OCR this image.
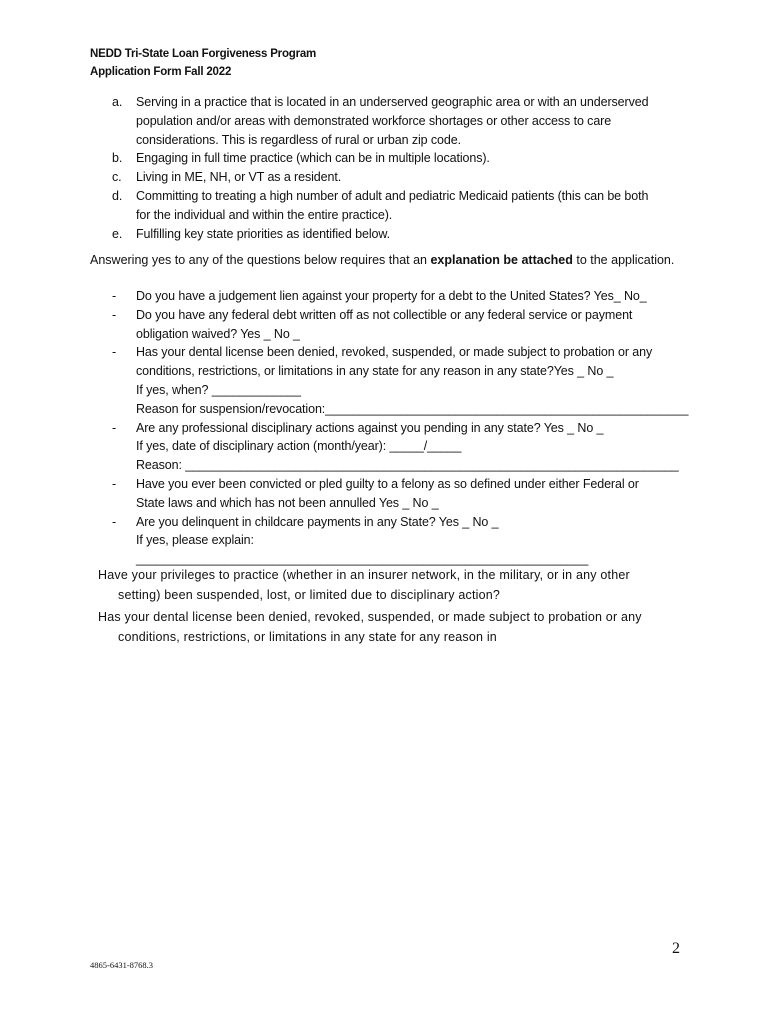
NEDD Tri-State Loan Forgiveness Program
Application Form Fall 2022
a.	Serving in a practice that is located in an underserved geographic area or with an underserved
population and/or areas with demonstrated workforce shortages or other access to care
considerations. This is regardless of rural or urban zip code.
b.	Engaging in full time practice (which can be in multiple locations).
c.	Living in ME, NH, or VT as a resident.
d.	Committing to treating a high number of adult and pediatric Medicaid patients (this can be both
for the individual and within the entire practice).
e.	Fulfilling key state priorities as identified below.
Answering yes to any of the questions below requires that an explanation be attached to the application.
-	Do you have a judgement lien against your property for a debt to the United States? Yes_ No_
-	Do you have any federal debt written off as not collectible or any federal service or payment
obligation waived? Yes _ No _
-	Has your dental license been denied, revoked, suspended, or made subject to probation or any
conditions, restrictions, or limitations in any state for any reason in any state?Yes _ No _
If yes, when? _____________
Reason for suspension/revocation:_____________________________________________________
-	Are any professional disciplinary actions against you pending in any state? Yes _ No _
If yes, date of disciplinary action (month/year): _____/_____
Reason: ________________________________________________________________________
-	Have you ever been convicted or pled guilty to a felony as so defined under either Federal or
State laws and which has not been annulled Yes _ No _
-	Are you delinquent in childcare payments in any State? Yes _ No _
If yes, please explain: __________________________________________________________________
Have your privileges to practice (whether in an insurer network, in the military, or in any other
setting) been suspended, lost, or limited due to disciplinary action?
Has your dental license been denied, revoked, suspended, or made subject to probation or any
conditions, restrictions, or limitations in any state for any reason in
2
4865-6431-8768.3
